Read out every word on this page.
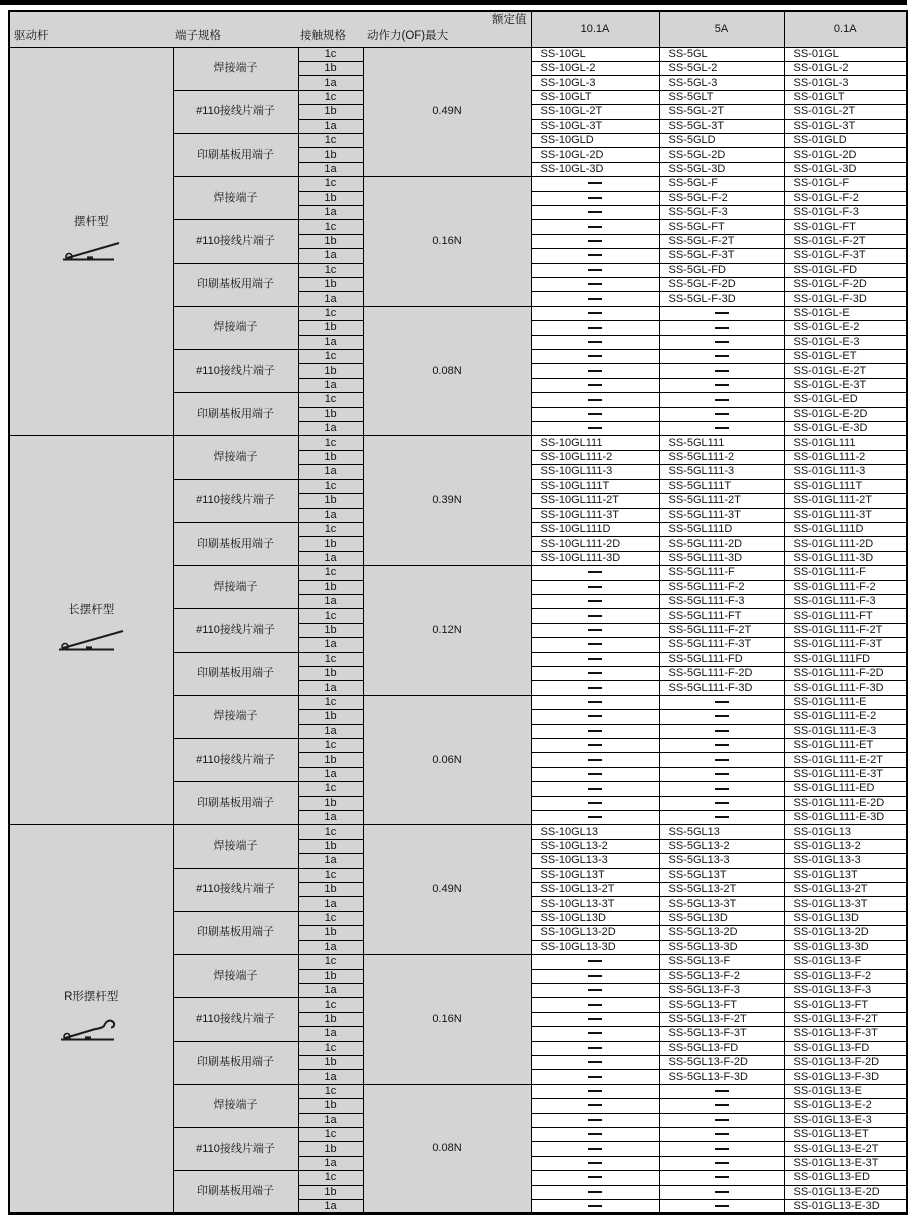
驱动杆 端子规格 接触规格 动作力(OF)最大
额定值				10.1A	5A	0.1A

摆杆型	焊接端子	1c	0.49N	SS-10GL	SS-5GL	SS-01GL
		1b		SS-10GL-2	SS-5GL-2	SS-01GL-2
		1a		SS-10GL-3	SS-5GL-3	SS-01GL-3
	#110接线片端子	1c		SS-10GLT	SS-5GLT	SS-01GLT
		1b		SS-10GL-2T	SS-5GL-2T	SS-01GL-2T
		1a		SS-10GL-3T	SS-5GL-3T	SS-01GL-3T
	印刷基板用端子	1c		SS-10GLD	SS-5GLD	SS-01GLD
		1b		SS-10GL-2D	SS-5GL-2D	SS-01GL-2D
		1a		SS-10GL-3D	SS-5GL-3D	SS-01GL-3D
	焊接端子	1c	0.16N		SS-5GL-F	SS-01GL-F
		1b			SS-5GL-F-2	SS-01GL-F-2
		1a			SS-5GL-F-3	SS-01GL-F-3
	#110接线片端子	1c			SS-5GL-FT	SS-01GL-FT
		1b			SS-5GL-F-2T	SS-01GL-F-2T
		1a			SS-5GL-F-3T	SS-01GL-F-3T
	印刷基板用端子	1c			SS-5GL-FD	SS-01GL-FD
		1b			SS-5GL-F-2D	SS-01GL-F-2D
		1a			SS-5GL-F-3D	SS-01GL-F-3D
	焊接端子	1c	0.08N			SS-01GL-E
		1b				SS-01GL-E-2
		1a				SS-01GL-E-3
	#110接线片端子	1c				SS-01GL-ET
		1b				SS-01GL-E-2T
		1a				SS-01GL-E-3T
	印刷基板用端子	1c				SS-01GL-ED
		1b				SS-01GL-E-2D
		1a				SS-01GL-E-3D

长摆杆型	焊接端子	1c	0.39N	SS-10GL111	SS-5GL111	SS-01GL111
		1b		SS-10GL111-2	SS-5GL111-2	SS-01GL111-2
		1a		SS-10GL111-3	SS-5GL111-3	SS-01GL111-3
	#110接线片端子	1c		SS-10GL111T	SS-5GL111T	SS-01GL111T
		1b		SS-10GL111-2T	SS-5GL111-2T	SS-01GL111-2T
		1a		SS-10GL111-3T	SS-5GL111-3T	SS-01GL111-3T
	印刷基板用端子	1c		SS-10GL111D	SS-5GL111D	SS-01GL111D
		1b		SS-10GL111-2D	SS-5GL111-2D	SS-01GL111-2D
		1a		SS-10GL111-3D	SS-5GL111-3D	SS-01GL111-3D
	焊接端子	1c	0.12N		SS-5GL111-F	SS-01GL111-F
		1b			SS-5GL111-F-2	SS-01GL111-F-2
		1a			SS-5GL111-F-3	SS-01GL111-F-3
	#110接线片端子	1c			SS-5GL111-FT	SS-01GL111-FT
		1b			SS-5GL111-F-2T	SS-01GL111-F-2T
		1a			SS-5GL111-F-3T	SS-01GL111-F-3T
	印刷基板用端子	1c			SS-5GL111-FD	SS-01GL111FD
		1b			SS-5GL111-F-2D	SS-01GL111-F-2D
		1a			SS-5GL111-F-3D	SS-01GL111-F-3D
	焊接端子	1c	0.06N			SS-01GL111-E
		1b				SS-01GL111-E-2
		1a				SS-01GL111-E-3
	#110接线片端子	1c				SS-01GL111-ET
		1b				SS-01GL111-E-2T
		1a				SS-01GL111-E-3T
	印刷基板用端子	1c				SS-01GL111-ED
		1b				SS-01GL111-E-2D
		1a				SS-01GL111-E-3D

R形摆杆型	焊接端子	1c	0.49N	SS-10GL13	SS-5GL13	SS-01GL13
		1b		SS-10GL13-2	SS-5GL13-2	SS-01GL13-2
		1a		SS-10GL13-3	SS-5GL13-3	SS-01GL13-3
	#110接线片端子	1c		SS-10GL13T	SS-5GL13T	SS-01GL13T
		1b		SS-10GL13-2T	SS-5GL13-2T	SS-01GL13-2T
		1a		SS-10GL13-3T	SS-5GL13-3T	SS-01GL13-3T
	印刷基板用端子	1c		SS-10GL13D	SS-5GL13D	SS-01GL13D
		1b		SS-10GL13-2D	SS-5GL13-2D	SS-01GL13-2D
		1a		SS-10GL13-3D	SS-5GL13-3D	SS-01GL13-3D
	焊接端子	1c	0.16N		SS-5GL13-F	SS-01GL13-F
		1b			SS-5GL13-F-2	SS-01GL13-F-2
		1a			SS-5GL13-F-3	SS-01GL13-F-3
	#110接线片端子	1c			SS-5GL13-FT	SS-01GL13-FT
		1b			SS-5GL13-F-2T	SS-01GL13-F-2T
		1a			SS-5GL13-F-3T	SS-01GL13-F-3T
	印刷基板用端子	1c			SS-5GL13-FD	SS-01GL13-FD
		1b			SS-5GL13-F-2D	SS-01GL13-F-2D
		1a			SS-5GL13-F-3D	SS-01GL13-F-3D
	焊接端子	1c	0.08N			SS-01GL13-E
		1b				SS-01GL13-E-2
		1a				SS-01GL13-E-3
	#110接线片端子	1c				SS-01GL13-ET
		1b				SS-01GL13-E-2T
		1a				SS-01GL13-E-3T
	印刷基板用端子	1c				SS-01GL13-ED
		1b				SS-01GL13-E-2D
		1a				SS-01GL13-E-3D
